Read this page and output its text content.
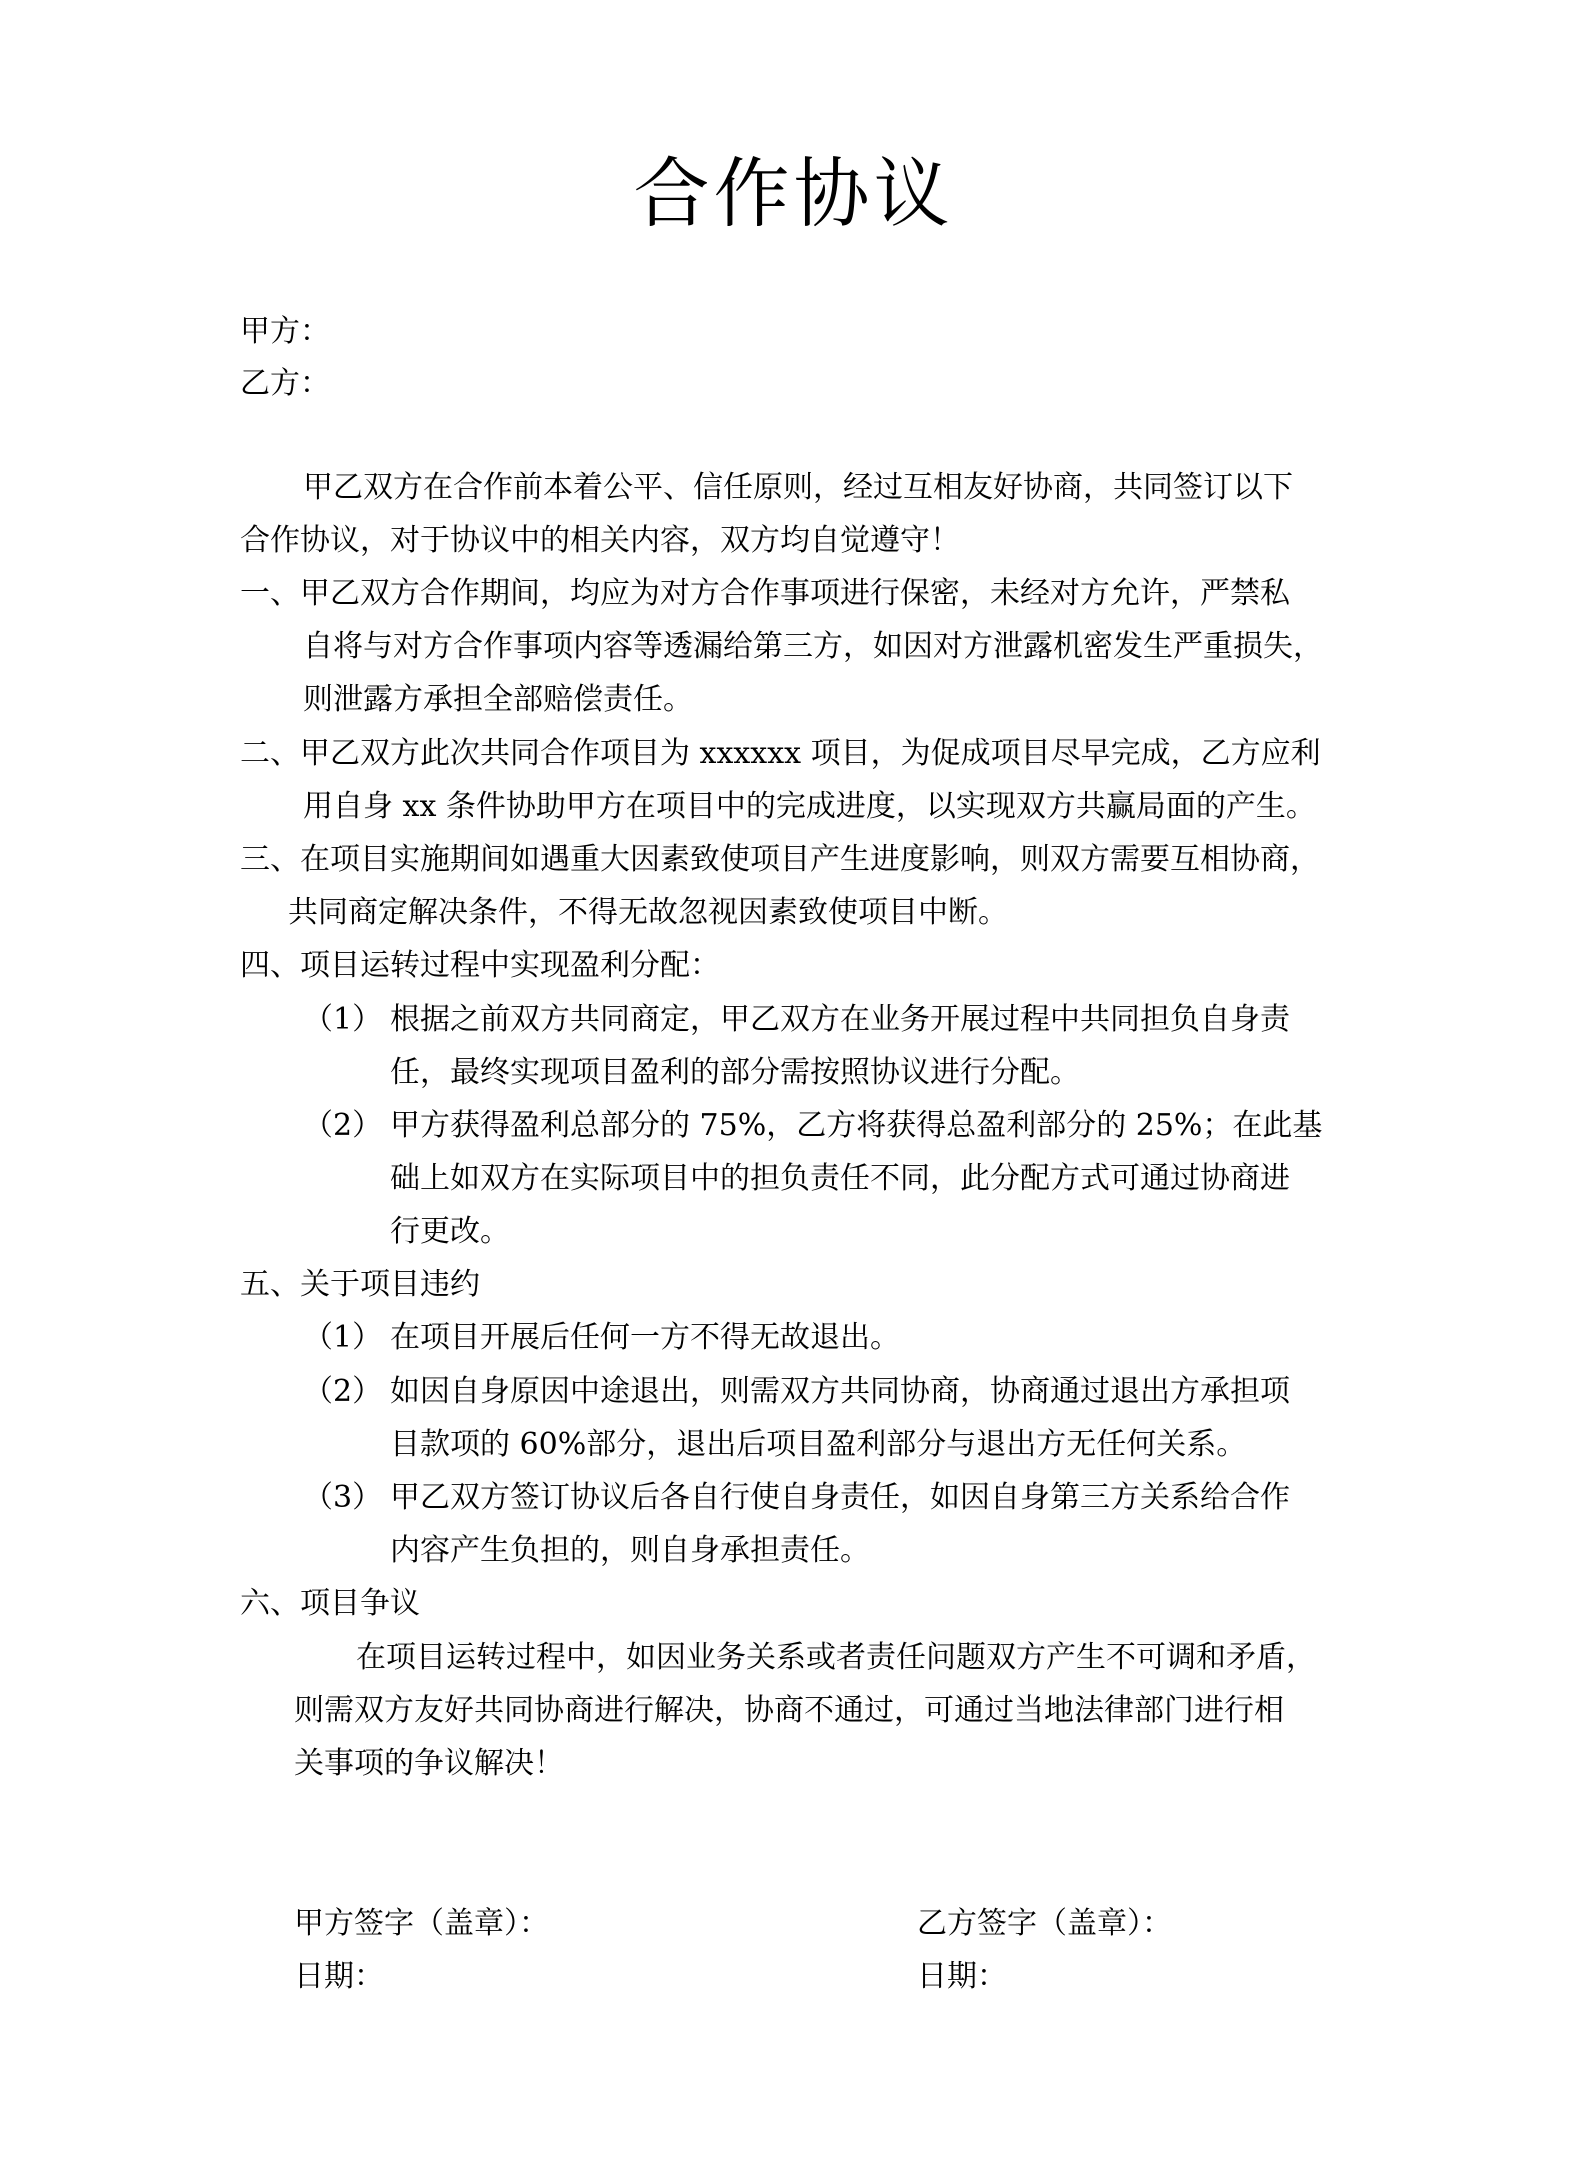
合作协议
甲方：
乙方：
甲乙双方在合作前本着公平、信任原则，经过互相友好协商，共同签订以下
合作协议，对于协议中的相关内容，双方均自觉遵守！
一、甲乙双方合作期间，均应为对方合作事项进行保密，未经对方允许，严禁私
自将与对方合作事项内容等透漏给第三方，如因对方泄露机密发生严重损失，
则泄露方承担全部赔偿责任。
二、甲乙双方此次共同合作项目为 xxxxxx 项目，为促成项目尽早完成，乙方应利
用自身 xx 条件协助甲方在项目中的完成进度，以实现双方共赢局面的产生。
三、在项目实施期间如遇重大因素致使项目产生进度影响，则双方需要互相协商，
共同商定解决条件，不得无故忽视因素致使项目中断。
四、项目运转过程中实现盈利分配：
（1） 根据之前双方共同商定，甲乙双方在业务开展过程中共同担负自身责
任，最终实现项目盈利的部分需按照协议进行分配。
（2） 甲方获得盈利总部分的 75%，乙方将获得总盈利部分的 25%；在此基
础上如双方在实际项目中的担负责任不同，此分配方式可通过协商进
行更改。
五、关于项目违约
（1） 在项目开展后任何一方不得无故退出。
（2） 如因自身原因中途退出，则需双方共同协商，协商通过退出方承担项
目款项的 60%部分，退出后项目盈利部分与退出方无任何关系。
（3） 甲乙双方签订协议后各自行使自身责任，如因自身第三方关系给合作
内容产生负担的，则自身承担责任。
六、项目争议
在项目运转过程中，如因业务关系或者责任问题双方产生不可调和矛盾，
则需双方友好共同协商进行解决，协商不通过，可通过当地法律部门进行相
关事项的争议解决！
甲方签字（盖章）：
日期：
乙方签字（盖章）：
日期：
